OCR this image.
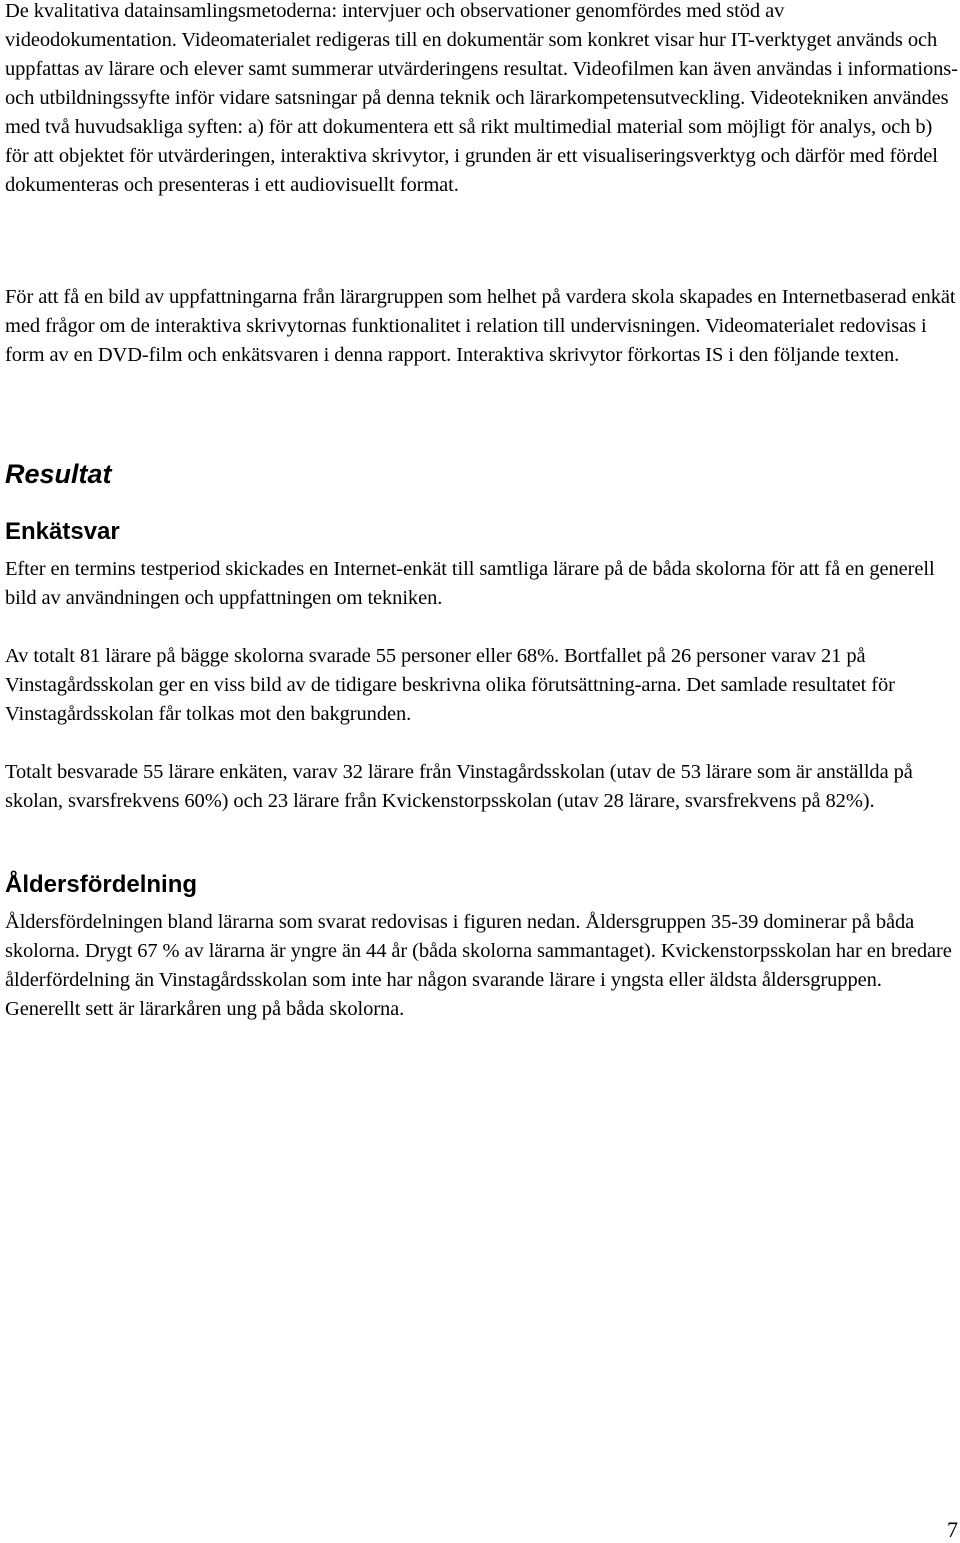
De kvalitativa datainsamlingsmetoderna: intervjuer och observationer genomfördes med stöd av videodokumentation. Videomaterialet redigeras till en dokumentär som konkret visar hur IT-verktyget används och uppfattas av lärare och elever samt summerar utvärderingens resultat. Videofilmen kan även användas i informations- och utbildningssyfte inför vidare satsningar på denna teknik och lärarkompetensutveckling. Videotekniken användes med två huvudsakliga syften: a) för att dokumentera ett så rikt multimedial material som möjligt för analys, och b) för att objektet för utvärderingen, interaktiva skrivytor, i grunden är ett visualiseringsverktyg och därför med fördel dokumenteras och presenteras i ett audiovisuellt format.

För att få en bild av uppfattningarna från lärargruppen som helhet på vardera skola skapades en Internetbaserad enkät med frågor om de interaktiva skrivytornas funktionalitet i relation till undervisningen. Videomaterialet redovisas i form av en DVD-film och enkätsvaren i denna rapport. Interaktiva skrivytor förkortas IS i den följande texten.

Resultat
Enkätsvar

Efter en termins testperiod skickades en Internet-enkät till samtliga lärare på de båda skolorna för att få en generell bild av användningen och uppfattningen om tekniken.

Av totalt 81 lärare på bägge skolorna svarade 55 personer eller 68%. Bortfallet på 26 personer varav 21 på Vinstagårdsskolan ger en viss bild av de tidigare beskrivna olika förutsättning-arna. Det samlade resultatet för Vinstagårdsskolan får tolkas mot den bakgrunden.

Totalt besvarade 55 lärare enkäten, varav 32 lärare från Vinstagårdsskolan (utav de 53 lärare som är anställda på skolan, svarsfrekvens 60%) och 23 lärare från Kvickenstorpsskolan (utav 28 lärare, svarsfrekvens på 82%).

Åldersfördelning

Åldersfördelningen bland lärarna som svarat redovisas i figuren nedan. Åldersgruppen 35-39 dominerar på båda skolorna. Drygt 67 % av lärarna är yngre än 44 år (båda skolorna sammantaget). Kvickenstorpsskolan har en bredare ålderfördelning än Vinstagårdsskolan som inte har någon svarande lärare i yngsta eller äldsta åldersgruppen. Generellt sett är lärarkåren ung på båda skolorna.

7
